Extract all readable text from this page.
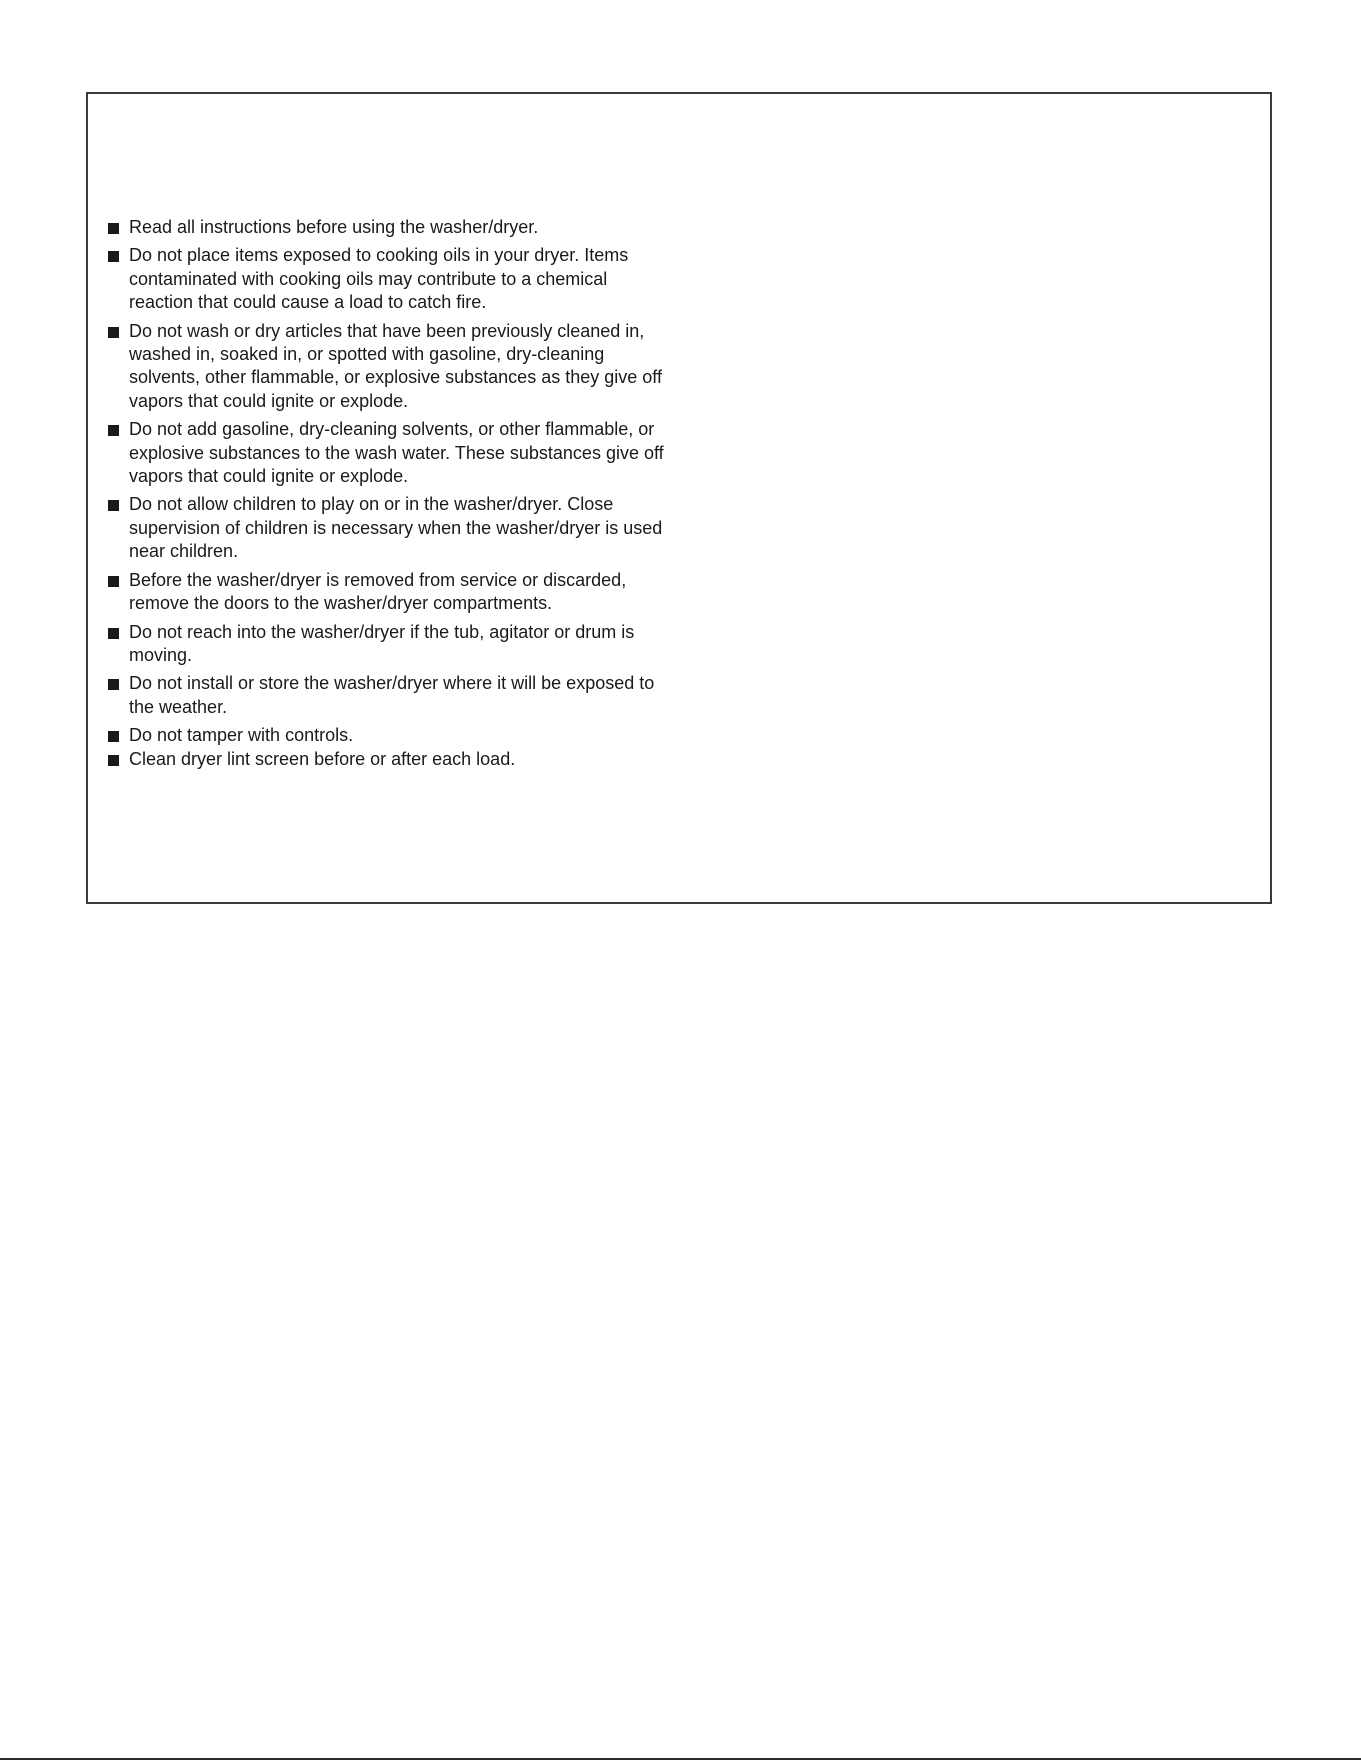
Read all instructions before using the washer/dryer.
Do not place items exposed to cooking oils in your dryer. Items contaminated with cooking oils may contribute to a chemical reaction that could cause a load to catch fire.
Do not wash or dry articles that have been previously cleaned in, washed in, soaked in, or spotted with gasoline, dry-cleaning solvents, other flammable, or explosive substances as they give off vapors that could ignite or explode.
Do not add gasoline, dry-cleaning solvents, or other flammable, or explosive substances to the wash water. These substances give off vapors that could ignite or explode.
Do not allow children to play on or in the washer/dryer. Close supervision of children is necessary when the washer/dryer is used near children.
Before the washer/dryer is removed from service or discarded, remove the doors to the washer/dryer compartments.
Do not reach into the washer/dryer if the tub, agitator or drum is moving.
Do not install or store the washer/dryer where it will be exposed to the weather.
Do not tamper with controls.
Clean dryer lint screen before or after each load.
